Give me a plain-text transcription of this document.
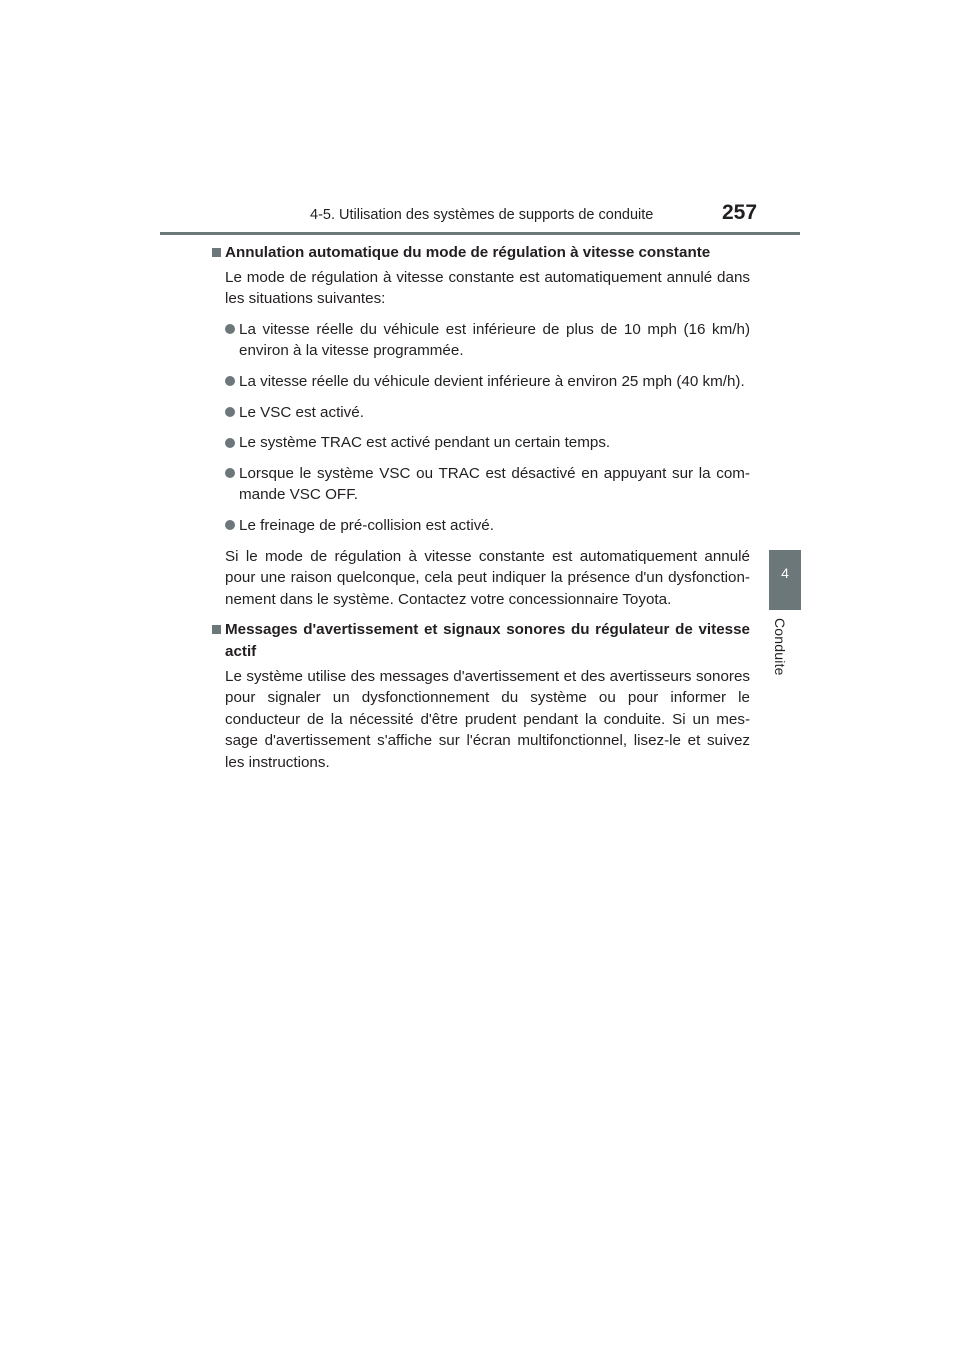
4-5. Utilisation des systèmes de supports de conduite	257
4
Conduite
Annulation automatique du mode de régulation à vitesse constante
Le mode de régulation à vitesse constante est automatiquement annulé dans les situations suivantes:
La vitesse réelle du véhicule est inférieure de plus de 10 mph (16 km/h) environ à la vitesse programmée.
La vitesse réelle du véhicule devient inférieure à environ 25 mph (40 km/h).
Le VSC est activé.
Le système TRAC est activé pendant un certain temps.
Lorsque le système VSC ou TRAC est désactivé en appuyant sur la com-mande VSC OFF.
Le freinage de pré-collision est activé.
Si le mode de régulation à vitesse constante est automatiquement annulé pour une raison quelconque, cela peut indiquer la présence d'un dysfonction-nement dans le système. Contactez votre concessionnaire Toyota.
Messages d'avertissement et signaux sonores du régulateur de vitesse actif
Le système utilise des messages d'avertissement et des avertisseurs sonores pour signaler un dysfonctionnement du système ou pour informer le conducteur de la nécessité d'être prudent pendant la conduite. Si un mes-sage d'avertissement s'affiche sur l'écran multifonctionnel, lisez-le et suivez les instructions.
